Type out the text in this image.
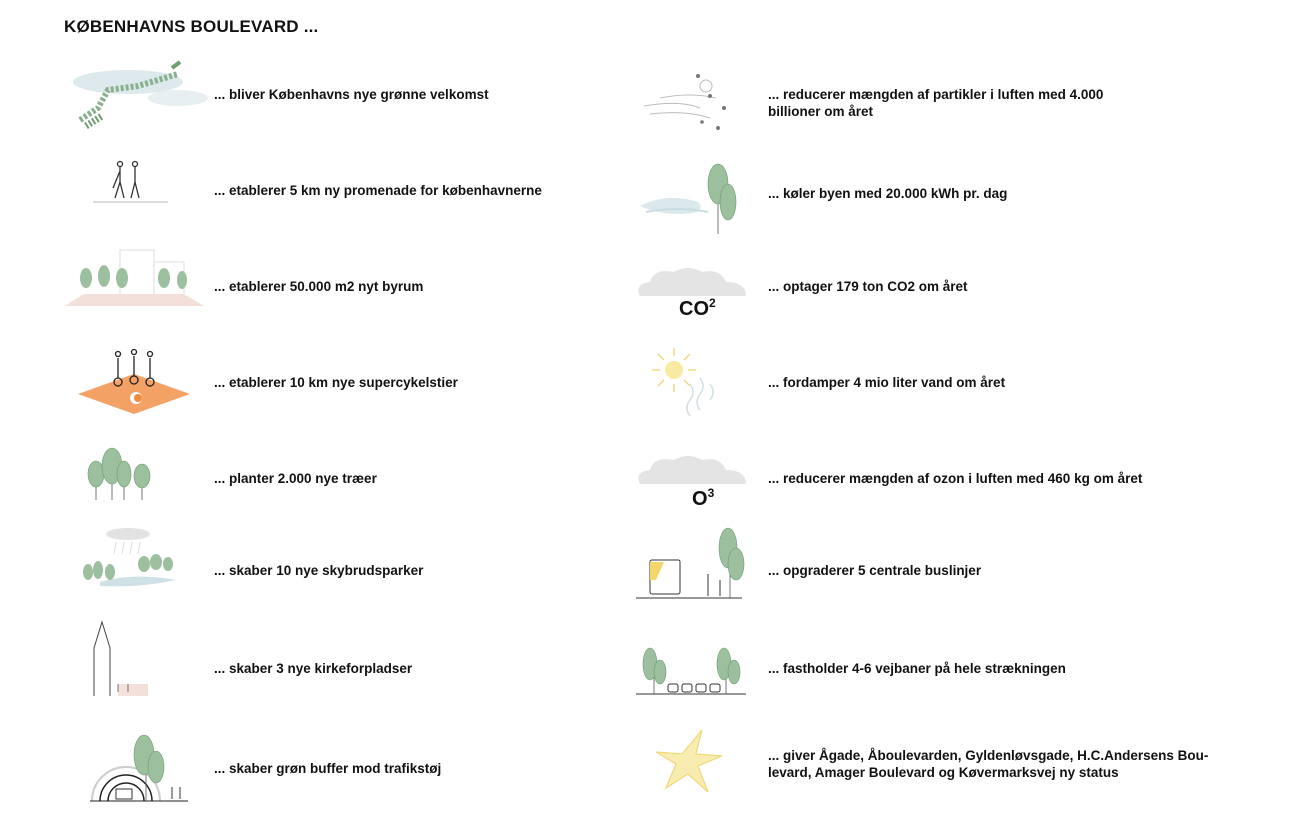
KØBENHAVNS BOULEVARD ...
... bliver Københavns nye grønne velkomst
... etablerer 5 km ny promenade for københavnerne
... etablerer 50.000 m2 nyt byrum
... etablerer 10 km nye supercykelstier
... planter 2.000 nye træer
... skaber 10 nye skybrudsparker
... skaber 3 nye kirkeforpladser
... skaber grøn buffer mod trafikstøj
... reducerer mængden af partikler i luften med 4.000 billioner om året
... køler byen med 20.000 kWh pr. dag
$CO^2$
... optager 179 ton CO2 om året
... fordamper 4 mio liter vand om året
$O^3$
... reducerer mængden af ozon i luften med 460 kg om året
... opgraderer 5 centrale buslinjer
... fastholder 4-6 vejbaner på hele strækningen
... giver Ågade, Åboulevarden, Gyldenløvsgade, H.C.Andersens Bou-levard, Amager Boulevard og Køvermarksvej ny status
